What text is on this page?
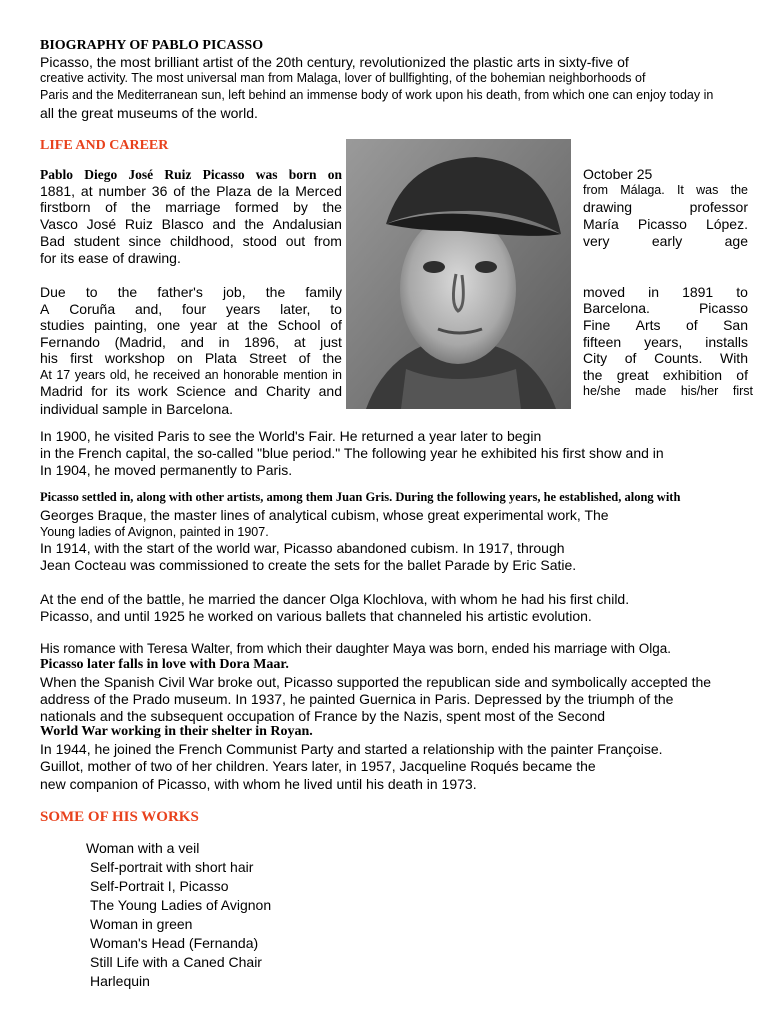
BIOGRAPHY OF PABLO PICASSO
Picasso, the most brilliant artist of the 20th century, revolutionized the plastic arts in sixty-five of
creative activity. The most universal man from Malaga, lover of bullfighting, of the bohemian neighborhoods of
Paris and the Mediterranean sun, left behind an immense body of work upon his death, from which one can enjoy today in
all the great museums of the world.
LIFE AND CAREER
Pablo Diego José Ruiz Picasso was born on
1881, at number 36 of the Plaza de la Merced
firstborn of the marriage formed by the
Vasco José Ruiz Blasco and the Andalusian
Bad student since childhood, stood out from
for its ease of drawing.
Due to the father's job, the family
A Coruña and, four years later, to
studies painting, one year at the School of
Fernando (Madrid, and in 1896, at just
his first workshop on Plata Street of the
At 17 years old, he received an honorable mention in
Madrid for its work Science and Charity and
individual sample in Barcelona.
October 25
from Málaga. It was the
drawing	professor
María Picasso López.
very	early	age
moved in 1891 to
Barcelona.	Picasso
Fine Arts of San
fifteen years, installs
City of Counts. With
the great exhibition of
he/she made his/her first
In 1900, he visited Paris to see the World's Fair. He returned a year later to begin
in the French capital, the so-called "blue period." The following year he exhibited his first show and in
In 1904, he moved permanently to Paris.
Picasso settled in, along with other artists, among them Juan Gris. During the following years, he established, along with
Georges Braque, the master lines of analytical cubism, whose great experimental work, The
Young ladies of Avignon, painted in 1907.
In 1914, with the start of the world war, Picasso abandoned cubism. In 1917, through
Jean Cocteau was commissioned to create the sets for the ballet Parade by Eric Satie.
At the end of the battle, he married the dancer Olga Klochlova, with whom he had his first child.
Picasso, and until 1925 he worked on various ballets that channeled his artistic evolution.
His romance with Teresa Walter, from which their daughter Maya was born, ended his marriage with Olga.
Picasso later falls in love with Dora Maar.
When the Spanish Civil War broke out, Picasso supported the republican side and symbolically accepted the
address of the Prado museum. In 1937, he painted Guernica in Paris. Depressed by the triumph of the
nationals and the subsequent occupation of France by the Nazis, spent most of the Second
World War working in their shelter in Royan.
In 1944, he joined the French Communist Party and started a relationship with the painter Françoise.
Guillot, mother of two of her children. Years later, in 1957, Jacqueline Roqués became the
new companion of Picasso, with whom he lived until his death in 1973.
SOME OF HIS WORKS
Woman with a veil
Self-portrait with short hair
Self-Portrait I, Picasso
The Young Ladies of Avignon
Woman in green
Woman's Head (Fernanda)
Still Life with a Caned Chair
Harlequin
